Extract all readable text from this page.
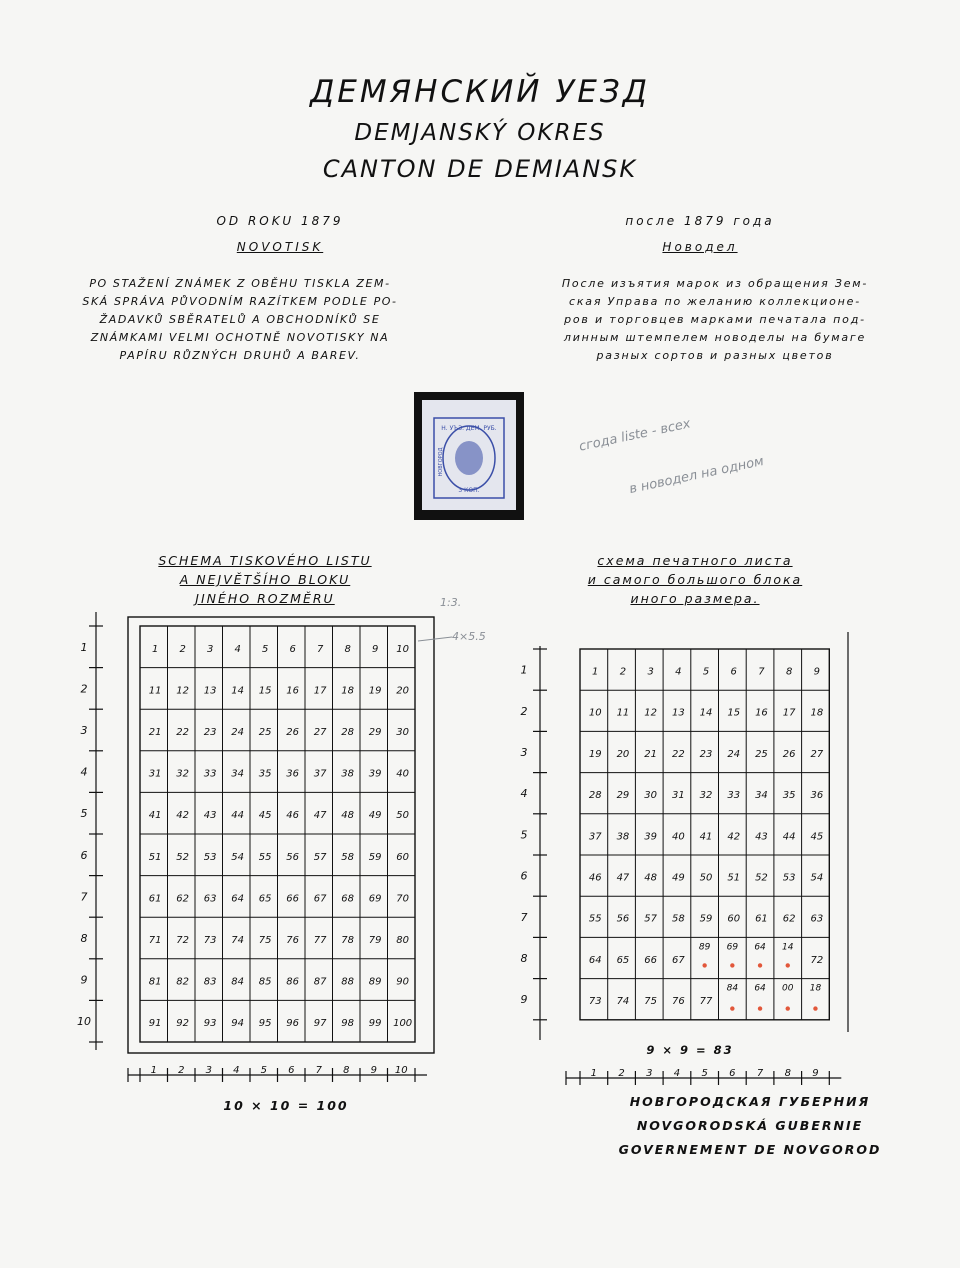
ДЕМЯНСКИЙ УЕЗД
DEMJANSKÝ OKRES
CANTON DE DEMIANSK
OD ROKU 1879
NOVOTISK
PO STAŽENÍ ZNÁMEK Z OBĚHU TISKLA ZEM-
SKÁ SPRÁVA PŮVODNÍM RAZÍTKEM PODLE PO-
ŽADAVKŮ SBĚRATELŮ A OBCHODNÍKŮ SE
ZNÁMKAMI VELMI OCHOTNĚ NOVOTISKY NA
PAPÍRU RŮZNÝCH DRUHŮ A BAREV.
после 1879 года
Новодел
После изъятия марок из обращения Зем-
ская Управа по желанию коллекционе-
ров и торговцев марками печатала под-
линным штемпелем новоделы на бумаге
разных сортов и разных цветов
Н. УЪЗ. ДЕМ. РУБ.
3 КОП.
НОВГОРОД
сгода liste - всех
в новодел на одном
1:3.
4×5.5
SCHEMA TISKOVÉHO LISTU
A NEJVĚTŠÍHO BLOKU
JINÉHO ROZMĚRU
схема печатного листа
и самого большого блока
иного размера.
1 2 3 4 5 6 7 8 9 10
11 12 13 14 15 16 17 18 19 20
21 22 23 24 25 26 27 28 29 30
31 32 33 34 35 36 37 38 39 40
41 42 43 44 45 46 47 48 49 50
51 52 53 54 55 56 57 58 59 60
61 62 63 64 65 66 67 68 69 70
71 72 73 74 75 76 77 78 79 80
81 82 83 84 85 86 87 88 89 90
91 92 93 94 95 96 97 98 99 100
1 2 3 4 5 6 7 8 9 10
1
2
3
4
5
6
7
8
9
10
1 2 3 4 5 6 7 8 9
10 11 12 13 14 15 16 17 18
19 20 21 22 23 24 25 26 27
28 29 30 31 32 33 34 35 36
37 38 39 40 41 42 43 44 45
46 47 48 49 50 51 52 53 54
55 56 57 58 59 60 61 62 63
64 65 66 67	72
73 74 75 76 77
1 2 3 4 5 6 7 8 9
1
2
3
4
5
6
7
8
9
89 69 64 14
84 64 00 18
10 × 10 = 100
9 × 9 = 83
НОВГОРОДСКАЯ ГУБЕРНИЯ
NOVGORODSKÁ GUBERNIE
GOVERNEMENT DE NOVGOROD
